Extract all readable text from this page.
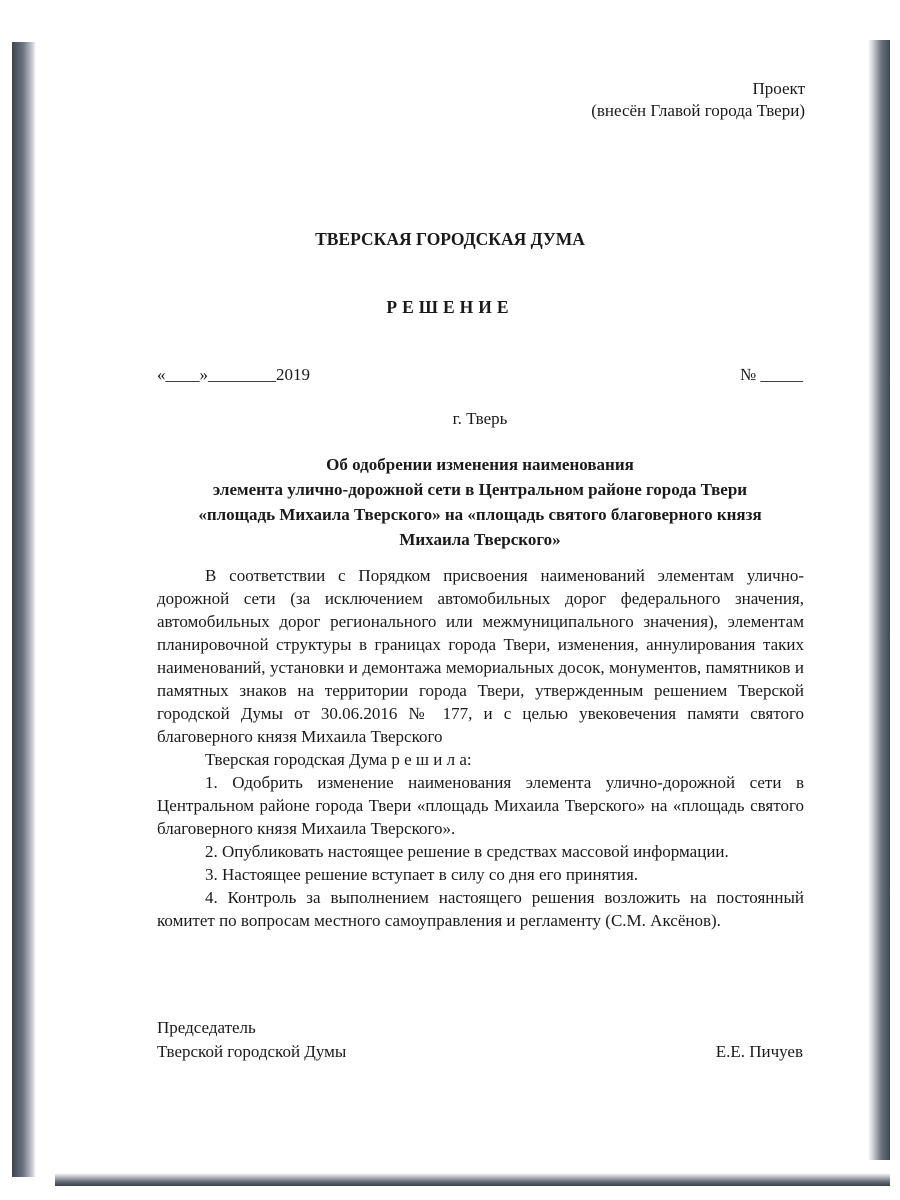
Проект
(внесён Главой города Твери)
ТВЕРСКАЯ ГОРОДСКАЯ ДУМА
РЕШЕНИЕ
«____»________2019	№ _____
г. Тверь
Об одобрении изменения наименования
элемента улично-дорожной сети в Центральном районе города Твери
«площадь Михаила Тверского» на «площадь святого благоверного князя
Михаила Тверского»

В соответствии с Порядком присвоения наименований элементам улично-дорожной сети (за исключением автомобильных дорог федерального значения, автомобильных дорог регионального или межмуниципального значения), элементам планировочной структуры в границах города Твери, изменения, аннулирования таких наименований, установки и демонтажа мемориальных досок, монументов, памятников и памятных знаков на территории города Твери, утвержденным решением Тверской городской Думы от 30.06.2016 № 177, и с целью увековечения памяти святого благоверного князя Михаила Тверского

Тверская городская Дума р е ш и л а:

1. Одобрить изменение наименования элемента улично-дорожной сети в Центральном районе города Твери «площадь Михаила Тверского» на «площадь святого благоверного князя Михаила Тверского».

2. Опубликовать настоящее решение в средствах массовой информации.

3. Настоящее решение вступает в силу со дня его принятия.

4. Контроль за выполнением настоящего решения возложить на постоянный комитет по вопросам местного самоуправления и регламенту (С.М. Аксёнов).

Председатель
Тверской городской Думы	Е.Е. Пичуев
